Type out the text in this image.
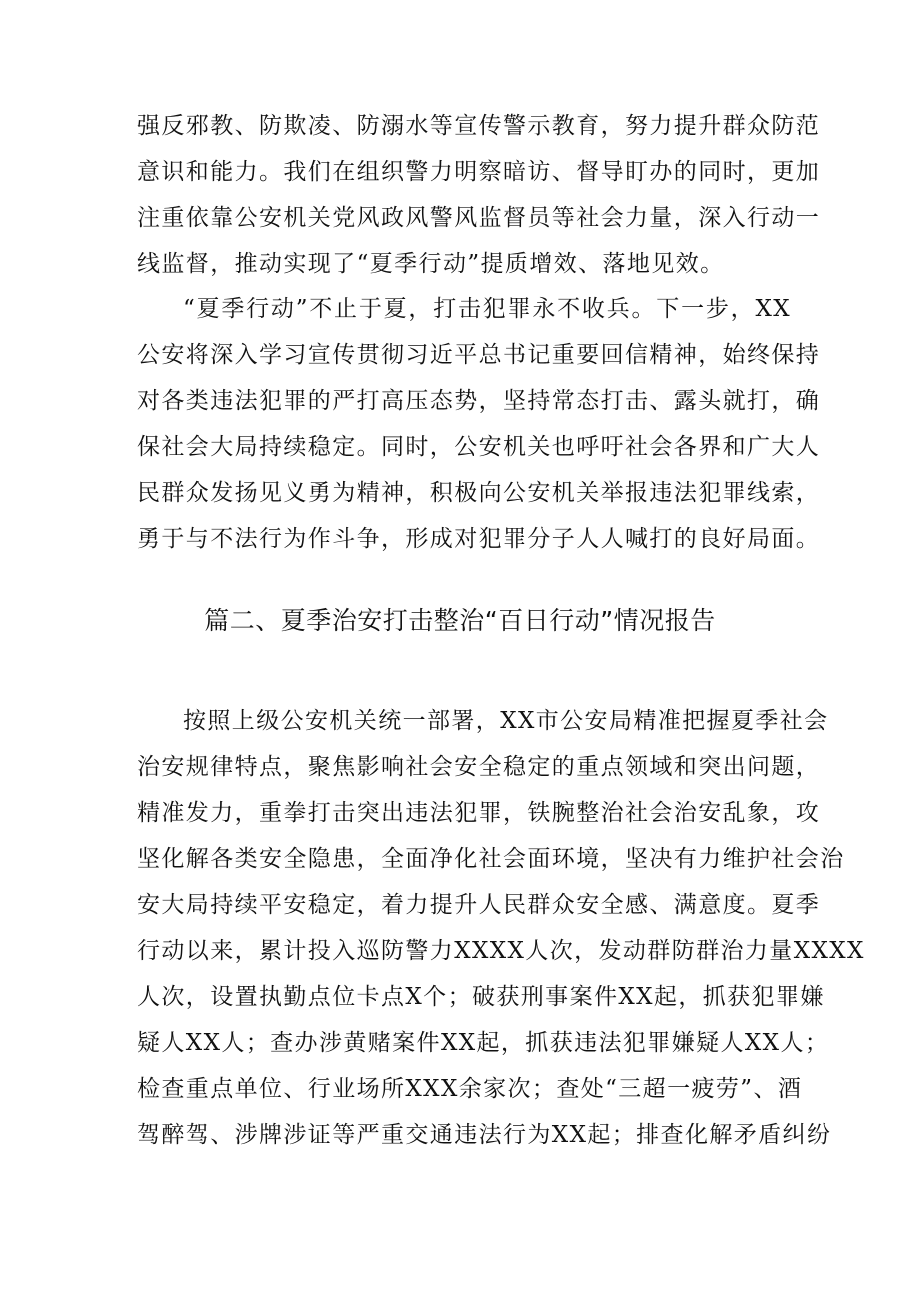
强反邪教、防欺凌、防溺水等宣传警示教育，努力提升群众防范
意识和能力。我们在组织警力明察暗访、督导盯办的同时，更加
注重依靠公安机关党风政风警风监督员等社会力量，深入行动一
线监督，推动实现了“夏季行动”提质增效、落地见效。
“夏季行动”不止于夏，打击犯罪永不收兵。下一步，XX
公安将深入学习宣传贯彻习近平总书记重要回信精神，始终保持
对各类违法犯罪的严打高压态势，坚持常态打击、露头就打，确
保社会大局持续稳定。同时，公安机关也呼吁社会各界和广大人
民群众发扬见义勇为精神，积极向公安机关举报违法犯罪线索，
勇于与不法行为作斗争，形成对犯罪分子人人喊打的良好局面。
篇二、夏季治安打击整治“百日行动”情况报告
按照上级公安机关统一部署，XX市公安局精准把握夏季社会
治安规律特点，聚焦影响社会安全稳定的重点领域和突出问题，
精准发力，重拳打击突出违法犯罪，铁腕整治社会治安乱象，攻
坚化解各类安全隐患，全面净化社会面环境，坚决有力维护社会治
安大局持续平安稳定，着力提升人民群众安全感、满意度。夏季
行动以来，累计投入巡防警力XXXX人次，发动群防群治力量XXXX
人次，设置执勤点位卡点X个；破获刑事案件XX起，抓获犯罪嫌
疑人XX人；查办涉黄赌案件XX起，抓获违法犯罪嫌疑人XX人；
检查重点单位、行业场所XXX余家次；查处“三超一疲劳”、酒
驾醉驾、涉牌涉证等严重交通违法行为XX起；排查化解矛盾纠纷
